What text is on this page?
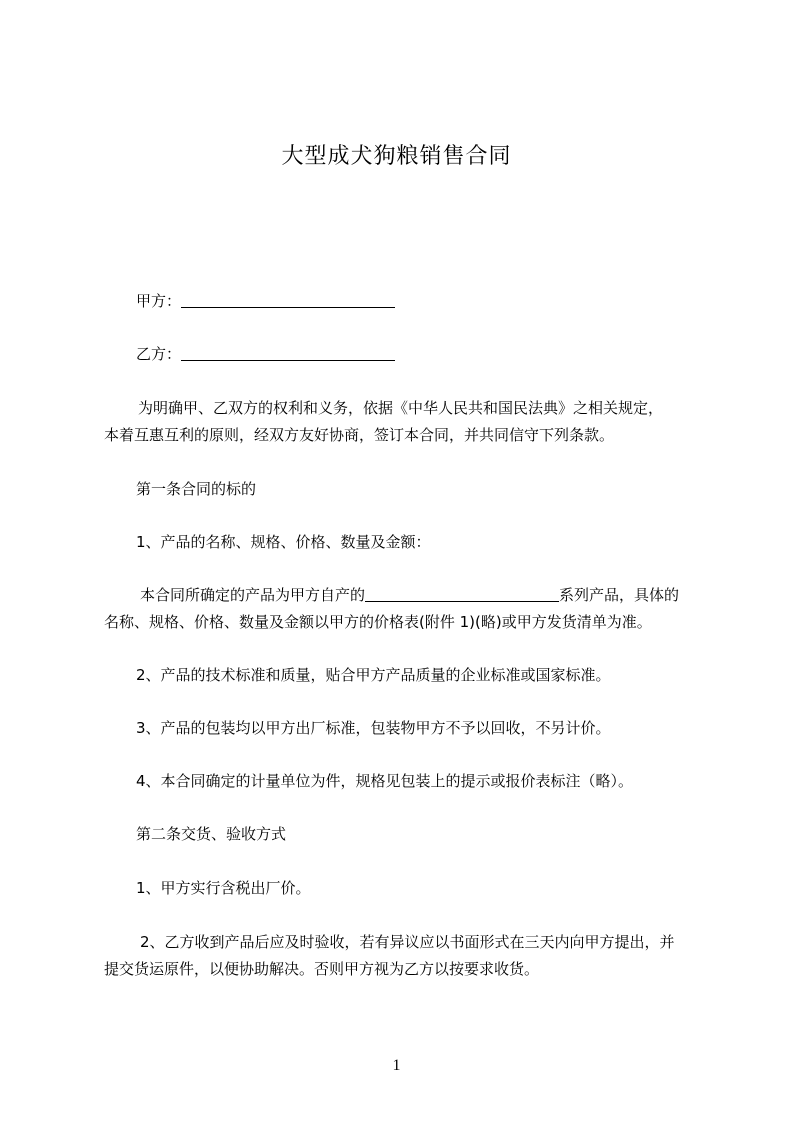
大型成犬狗粮销售合同
甲方：
乙方：
为明确甲、乙双方的权利和义务，依据《中华人民共和国民法典》之相关规定，
本着互惠互利的原则，经双方友好协商，签订本合同，并共同信守下列条款。
第一条合同的标的
1、产品的名称、规格、价格、数量及金额：
本合同所确定的产品为甲方自产的	系列产品，具体的
名称、规格、价格、数量及金额以甲方的价格表(附件 1)(略)或甲方发货清单为准。
2、产品的技术标准和质量，贴合甲方产品质量的企业标准或国家标准。
3、产品的包装均以甲方出厂标准，包装物甲方不予以回收，不另计价。
4、本合同确定的计量单位为件，规格见包装上的提示或报价表标注（略）。
第二条交货、验收方式
1、甲方实行含税出厂价。
2、乙方收到产品后应及时验收，若有异议应以书面形式在三天内向甲方提出，并
提交货运原件，以便协助解决。否则甲方视为乙方以按要求收货。
1
